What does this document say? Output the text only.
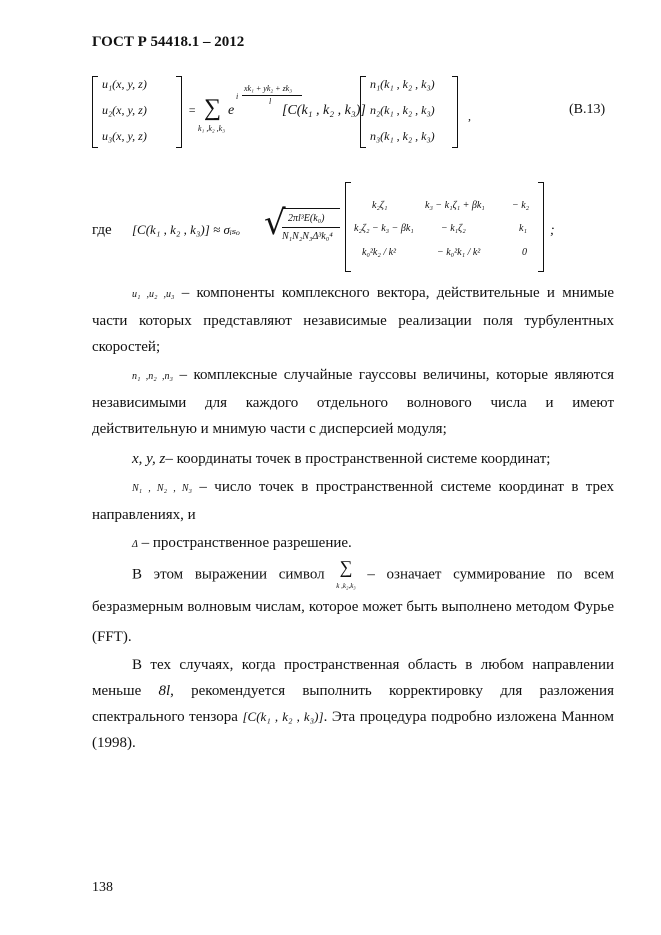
ГОСТ Р 54418.1 – 2012
u₁(x, y, z)
u₂(x, y, z)
u₃(x, y, z)
= ∑
k₁ ,k₂ ,k₃
e
i
xk₁ + yk₂ + zk₃
l
[C(k₁ , k₂ , k₃)]
n₁(k₁ , k₂ , k₃)
n₂(k₁ , k₂ , k₃)
n₃(k₁ , k₂ , k₃)
,	(B.13)
где [C(k₁ , k₂ , k₃)] ≈ σᵢₛₒ √ 2πl³E(k₀)
N₁N₂N₃Δ³k₀⁴
k₂ζ₁	k₃ − k₁ζ₁ + βk₁	− k₂
k₂ζ₂ − k₃ − βk₁	− k₁ζ₂	k₁
k₀²k₂ / k²	− k₀²k₁ / k²	0
;
u₁ ,u₂ ,u₃ – компоненты комплексного вектора, действительные и мнимые части которых представляют независимые реализации поля турбулентных скоростей;
n₁ ,n₂ ,n₃ – комплексные случайные гауссовы величины, которые являются независимыми для каждого отдельного волнового числа и имеют действительную и мнимую части с дисперсией модуля;
x, y, z– координаты точек в пространственной системе координат;
N₁ , N₂ , N₃ – число точек в пространственной системе координат в трех направлениях, и
Δ – пространственное разрешение.
В этом выражении символ ∑
k ,k₂,k₃ – означает суммирование по всем безразмерным волновым числам, которое может быть выполнено методом Фурье (FFT).
В тех случаях, когда пространственная область в любом направлении меньше 8l, рекомендуется выполнить корректировку для разложения спектрального тензора [C(k₁ , k₂ , k₃)]. Эта процедура подробно изложена Манном (1998).
138
